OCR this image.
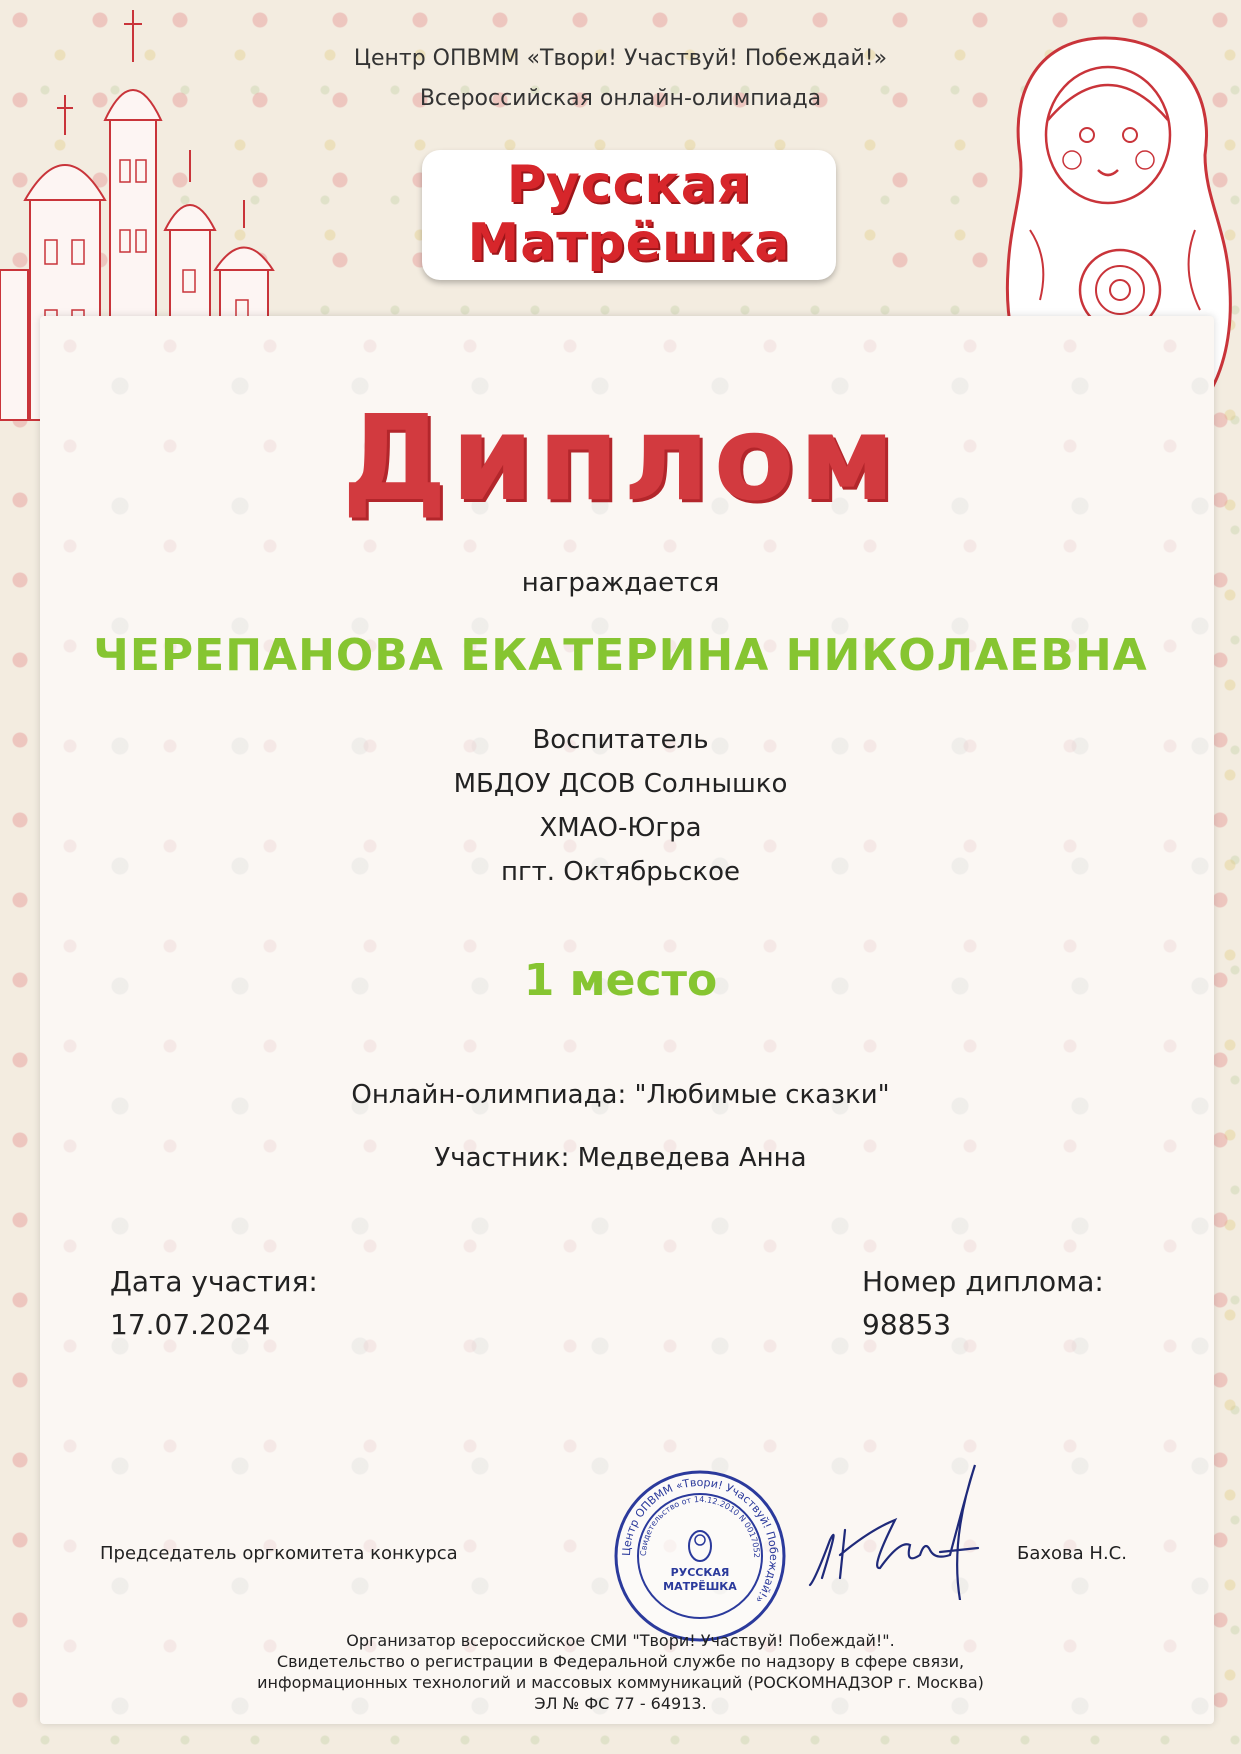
Центр ОПВММ «Твори! Участвуй! Побеждай!»
Всероссийская онлайн-олимпиада
Русская
Матрёшка
Диплом
награждается
ЧЕРЕПАНОВА ЕКАТЕРИНА НИКОЛАЕВНА
Воспитатель
МБДОУ ДСОВ Солнышко
ХМАО-Югра
пгт. Октябрьское
1 место
Онлайн-олимпиада: "Любимые сказки"
Участник: Медведева Анна
Дата участия:
17.07.2024
Номер диплома:
98853
Председатель оргкомитета конкурса	Бахова Н.С.
Центр ОПВММ «Твори! Участвуй! Побеждай!»
Свидетельство от 14.12.2010 N 0017052
РУССКАЯ
МАТРЁШКА
Организатор всероссийское СМИ "Твори! Участвуй! Побеждай!".
Свидетельство о регистрации в Федеральной службе по надзору в сфере связи,
информационных технологий и массовых коммуникаций (РОСКОМНАДЗОР г. Москва)
ЭЛ № ФС 77 - 64913.
